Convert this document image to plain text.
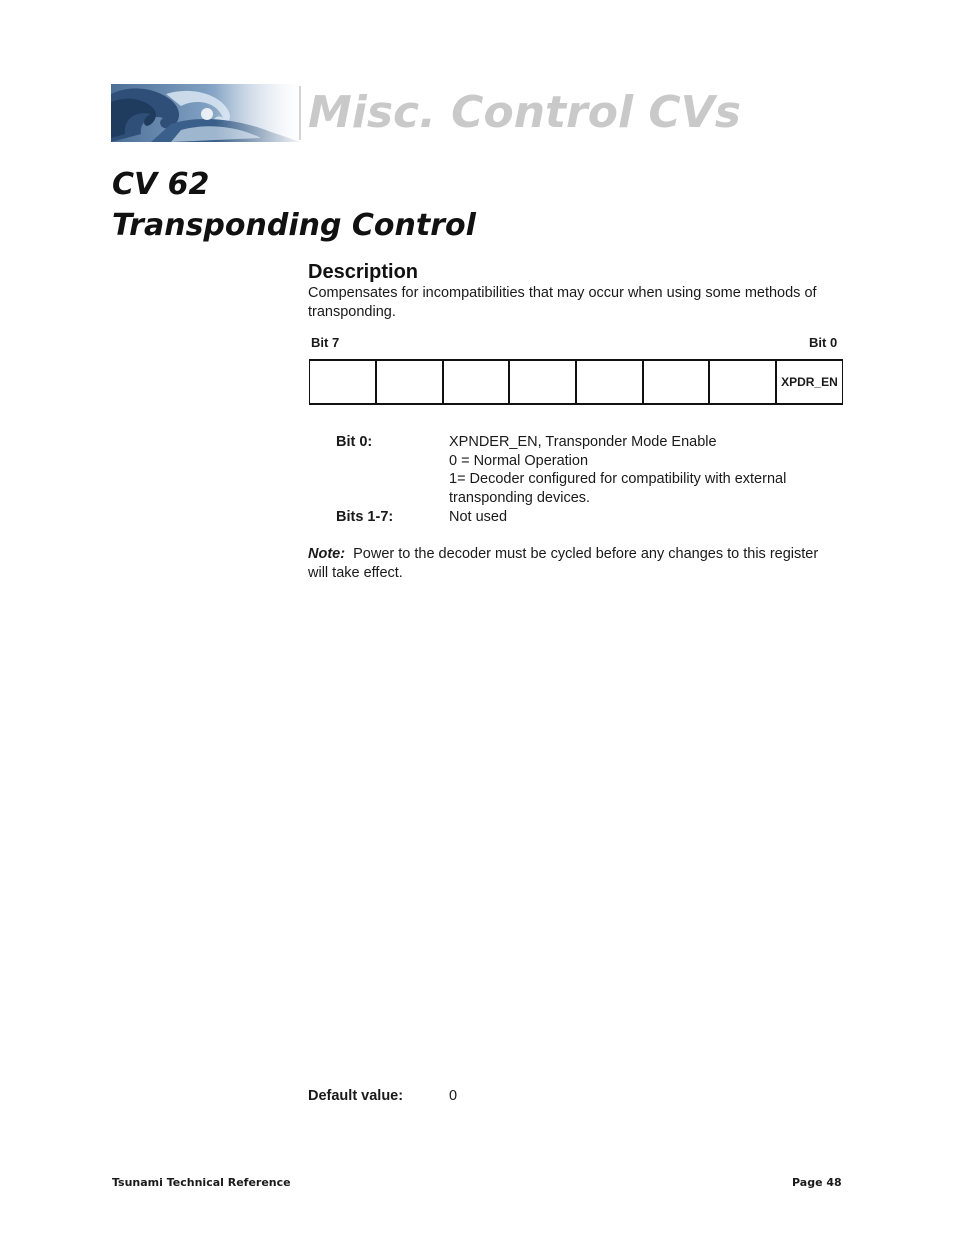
Misc. Control CVs
CV 62
Transponding Control
Description
Compensates for incompatibilities that may occur when using some methods of transponding.
Bit 7	Bit 0
							XPDR_EN
Bit 0:	XPNDER_EN, Transponder Mode Enable
0 = Normal Operation
1= Decoder configured for compatibility with external transponding devices.
Bits 1-7:	Not used
Note: Power to the decoder must be cycled before any changes to this register will take effect.
Default value:	0
Tsunami Technical Reference	Page 48
